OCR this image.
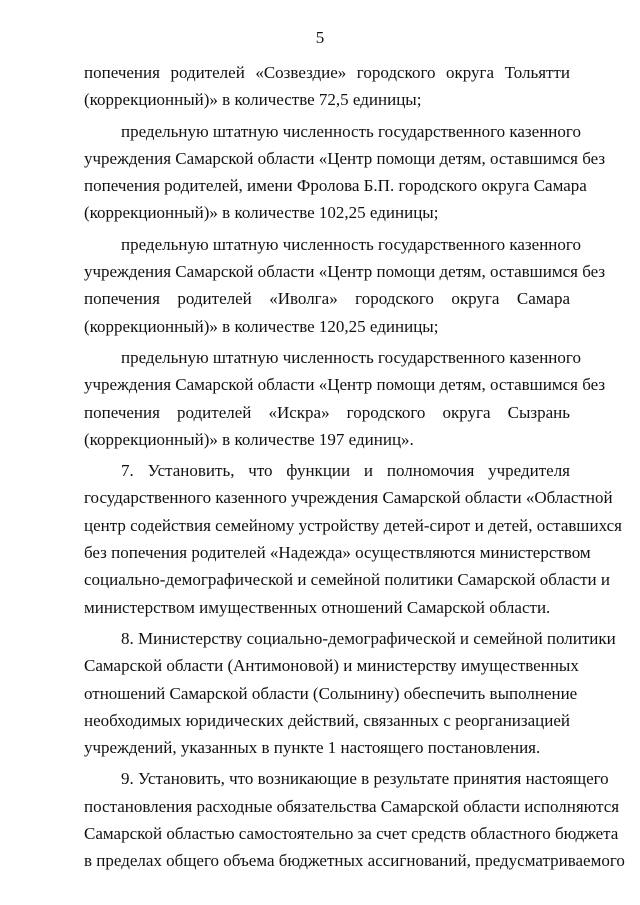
5

попечения родителей «Созвездие» городского округа Тольятти
(коррекционный)» в количестве 72,5 единицы;

предельную штатную численность государственного казенного
учреждения Самарской области «Центр помощи детям, оставшимся без
попечения родителей, имени Фролова Б.П. городского округа Самара
(коррекционный)» в количестве 102,25 единицы;

предельную штатную численность государственного казенного
учреждения Самарской области «Центр помощи детям, оставшимся без
попечения родителей «Иволга» городского округа Самара
(коррекционный)» в количестве 120,25 единицы;

предельную штатную численность государственного казенного
учреждения Самарской области «Центр помощи детям, оставшимся без
попечения родителей «Искра» городского округа Сызрань
(коррекционный)» в количестве 197 единиц».

7. Установить, что функции и полномочия учредителя
государственного казенного учреждения Самарской области «Областной
центр содействия семейному устройству детей-сирот и детей, оставшихся
без попечения родителей «Надежда» осуществляются министерством
социально-демографической и семейной политики Самарской области и
министерством имущественных отношений Самарской области.

8. Министерству социально-демографической и семейной политики
Самарской области (Антимоновой) и министерству имущественных
отношений Самарской области (Солынину) обеспечить выполнение
необходимых юридических действий, связанных с реорганизацией
учреждений, указанных в пункте 1 настоящего постановления.

9. Установить, что возникающие в результате принятия настоящего
постановления расходные обязательства Самарской области исполняются
Самарской областью самостоятельно за счет средств областного бюджета
в пределах общего объема бюджетных ассигнований, предусматриваемого
